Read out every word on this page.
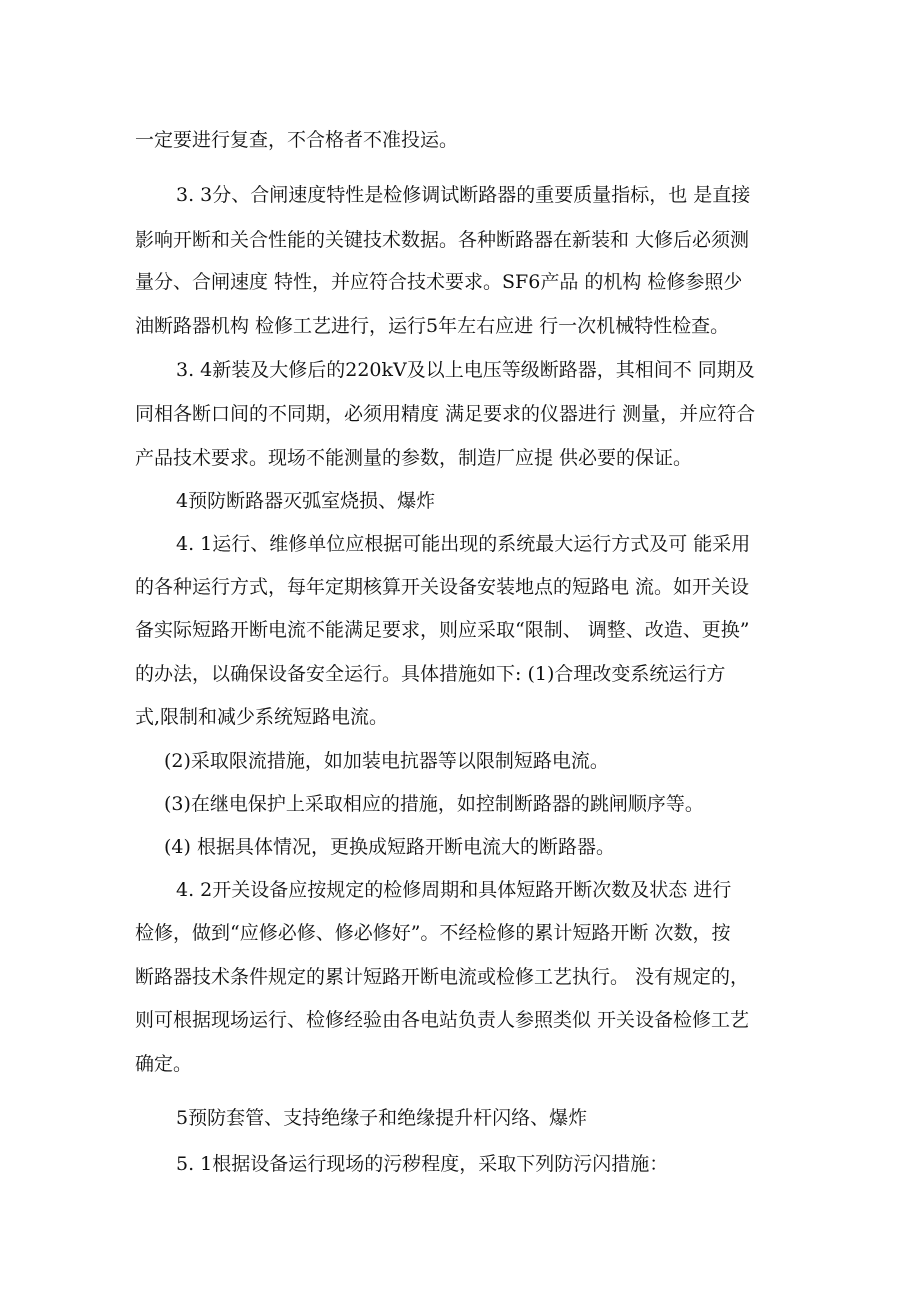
一定要进行复查，不合格者不准投运。

3. 3分、合闸速度特性是检修调试断路器的重要质量指标，也 是直接

影响开断和关合性能的关键技术数据。各种断路器在新装和 大修后必须测

量分、合闸速度 特性，并应符合技术要求。SF6产品 的机构 检修参照少

油断路器机构 检修工艺进行，运行5年左右应进 行一次机械特性检查。

3. 4新装及大修后的220kV及以上电压等级断路器，其相间不 同期及

同相各断口间的不同期，必须用精度 满足要求的仪器进行 测量，并应符合

产品技术要求。现场不能测量的参数，制造厂应提 供必要的保证。

4预防断路器灭弧室烧损、爆炸

4. 1运行、维修单位应根据可能出现的系统最大运行方式及可 能采用

的各种运行方式，每年定期核算开关设备安装地点的短路电 流。如开关设

备实际短路开断电流不能满足要求，则应采取“限制、 调整、改造、更换”

的办法，以确保设备安全运行。具体措施如下: (1)合理改变系统运行方

式,限制和减少系统短路电流。

(2)采取限流措施，如加装电抗器等以限制短路电流。

(3)在继电保护上采取相应的措施，如控制断路器的跳闸顺序等。

(4) 根据具体情况，更换成短路开断电流大的断路器。

4. 2开关设备应按规定的检修周期和具体短路开断次数及状态 进行

检修，做到“应修必修、修必修好”。不经检修的累计短路开断 次数，按

断路器技术条件规定的累计短路开断电流或检修工艺执行。 没有规定的，

则可根据现场运行、检修经验由各电站负责人参照类似 开关设备检修工艺

确定。

5预防套管、支持绝缘子和绝缘提升杆闪络、爆炸

5. 1根据设备运行现场的污秽程度，采取下列防污闪措施：
